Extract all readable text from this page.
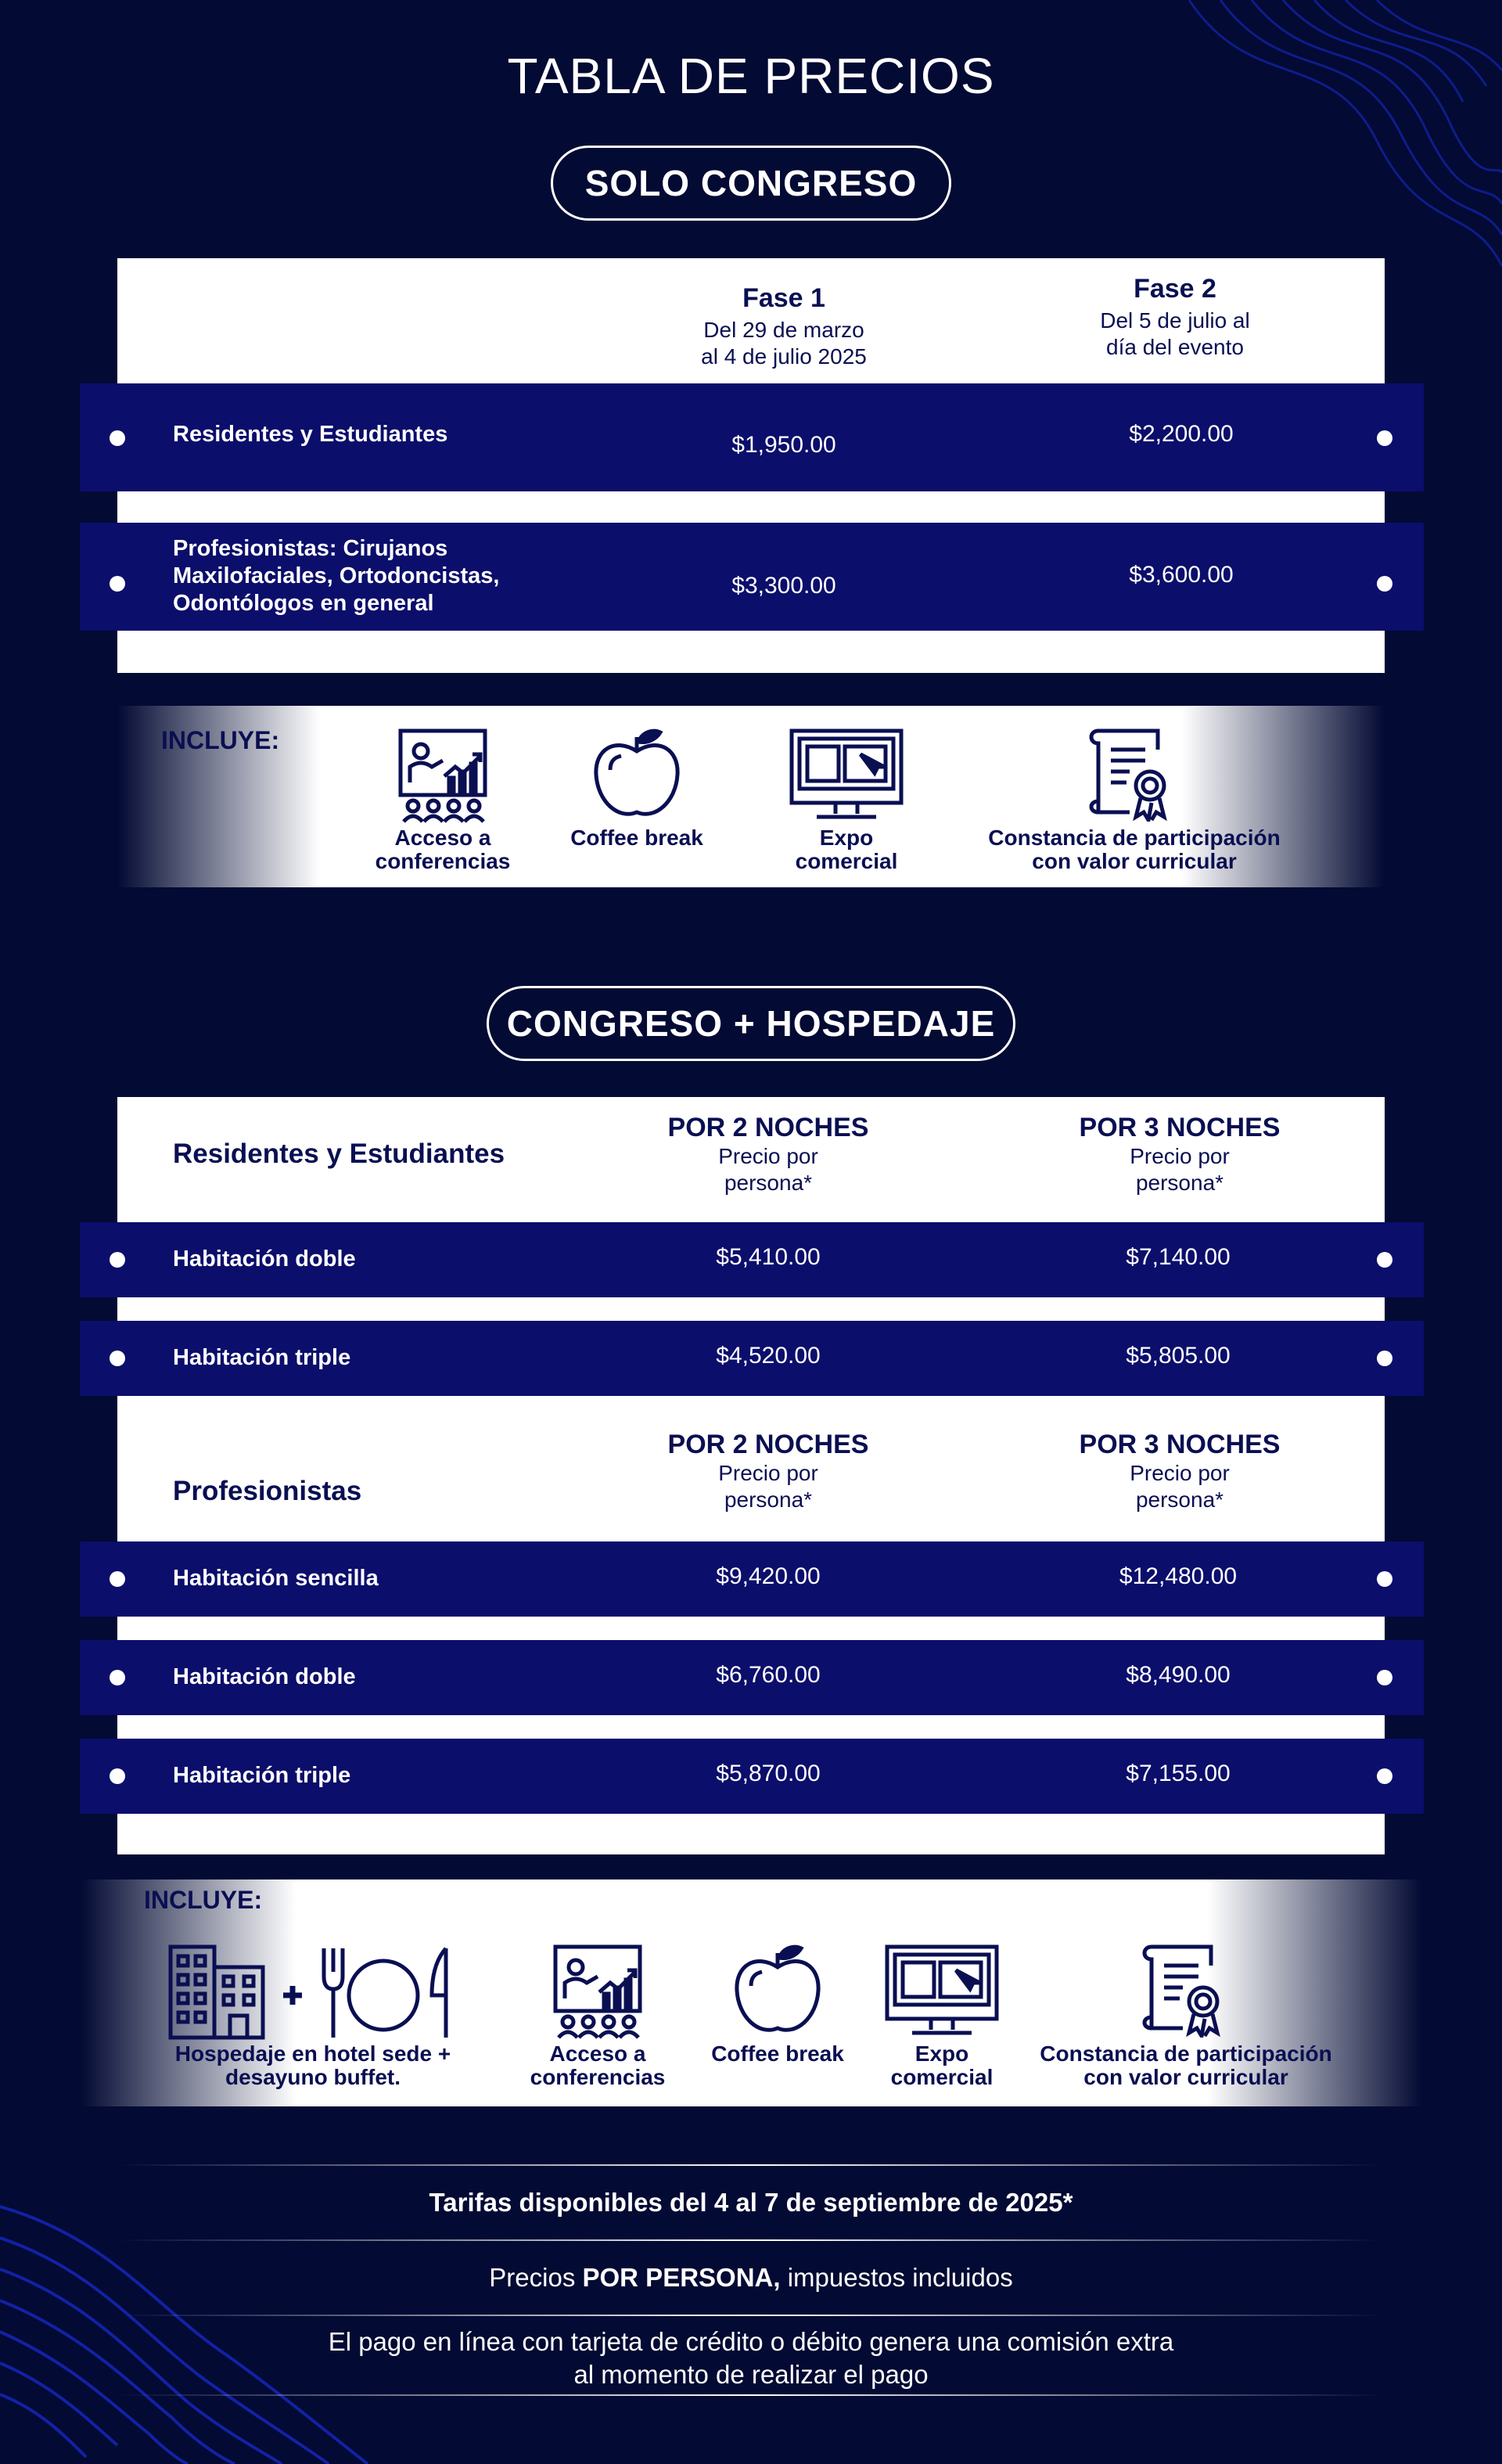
TABLA DE PRECIOS
SOLO CONGRESO
Fase 1
Del 29 de marzo
al 4 de julio 2025
Fase 2
Del 5 de julio al
día del evento
Residentes y Estudiantes	$1,950.00	$2,200.00
Profesionistas: Cirujanos
Maxilofaciales, Ortodoncistas,
Odontólogos en general
$3,300.00	$3,600.00
INCLUYE:
Acceso a
conferencias
Coffee break	Expo
comercial
Constancia de participación
con valor curricular
CONGRESO + HOSPEDAJE
Residentes y Estudiantes
POR 2 NOCHES
Precio por
persona*
POR 3 NOCHES
Precio por
persona*
Habitación doble	$5,410.00	$7,140.00
Habitación triple	$4,520.00	$5,805.00
Profesionistas
POR 2 NOCHES
Precio por
persona*
POR 3 NOCHES
Precio por
persona*
Habitación sencilla	$9,420.00	$12,480.00
Habitación doble	$6,760.00	$8,490.00
Habitación triple	$5,870.00	$7,155.00
INCLUYE:
Hospedaje en hotel sede +
desayuno buffet.
Acceso a
conferencias
Coffee break	Expo
comercial
Constancia de participación
con valor curricular
Tarifas disponibles del 4 al 7 de septiembre de 2025*
Precios POR PERSONA, impuestos incluidos
El pago en línea con tarjeta de crédito o débito genera una comisión extra
al momento de realizar el pago
